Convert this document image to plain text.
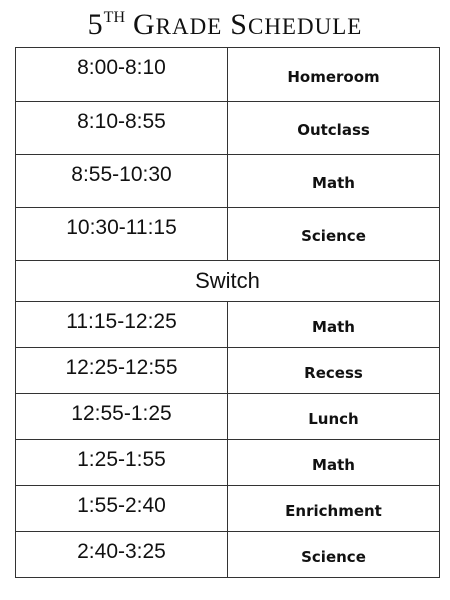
5TH GRADE SCHEDULE
8:00-8:10	Homeroom
8:10-8:55	Outclass
8:55-10:30	Math
10:30-11:15	Science
Switch	
11:15-12:25	Math
12:25-12:55	Recess
12:55-1:25	Lunch
1:25-1:55	Math
1:55-2:40	Enrichment
2:40-3:25	Science
